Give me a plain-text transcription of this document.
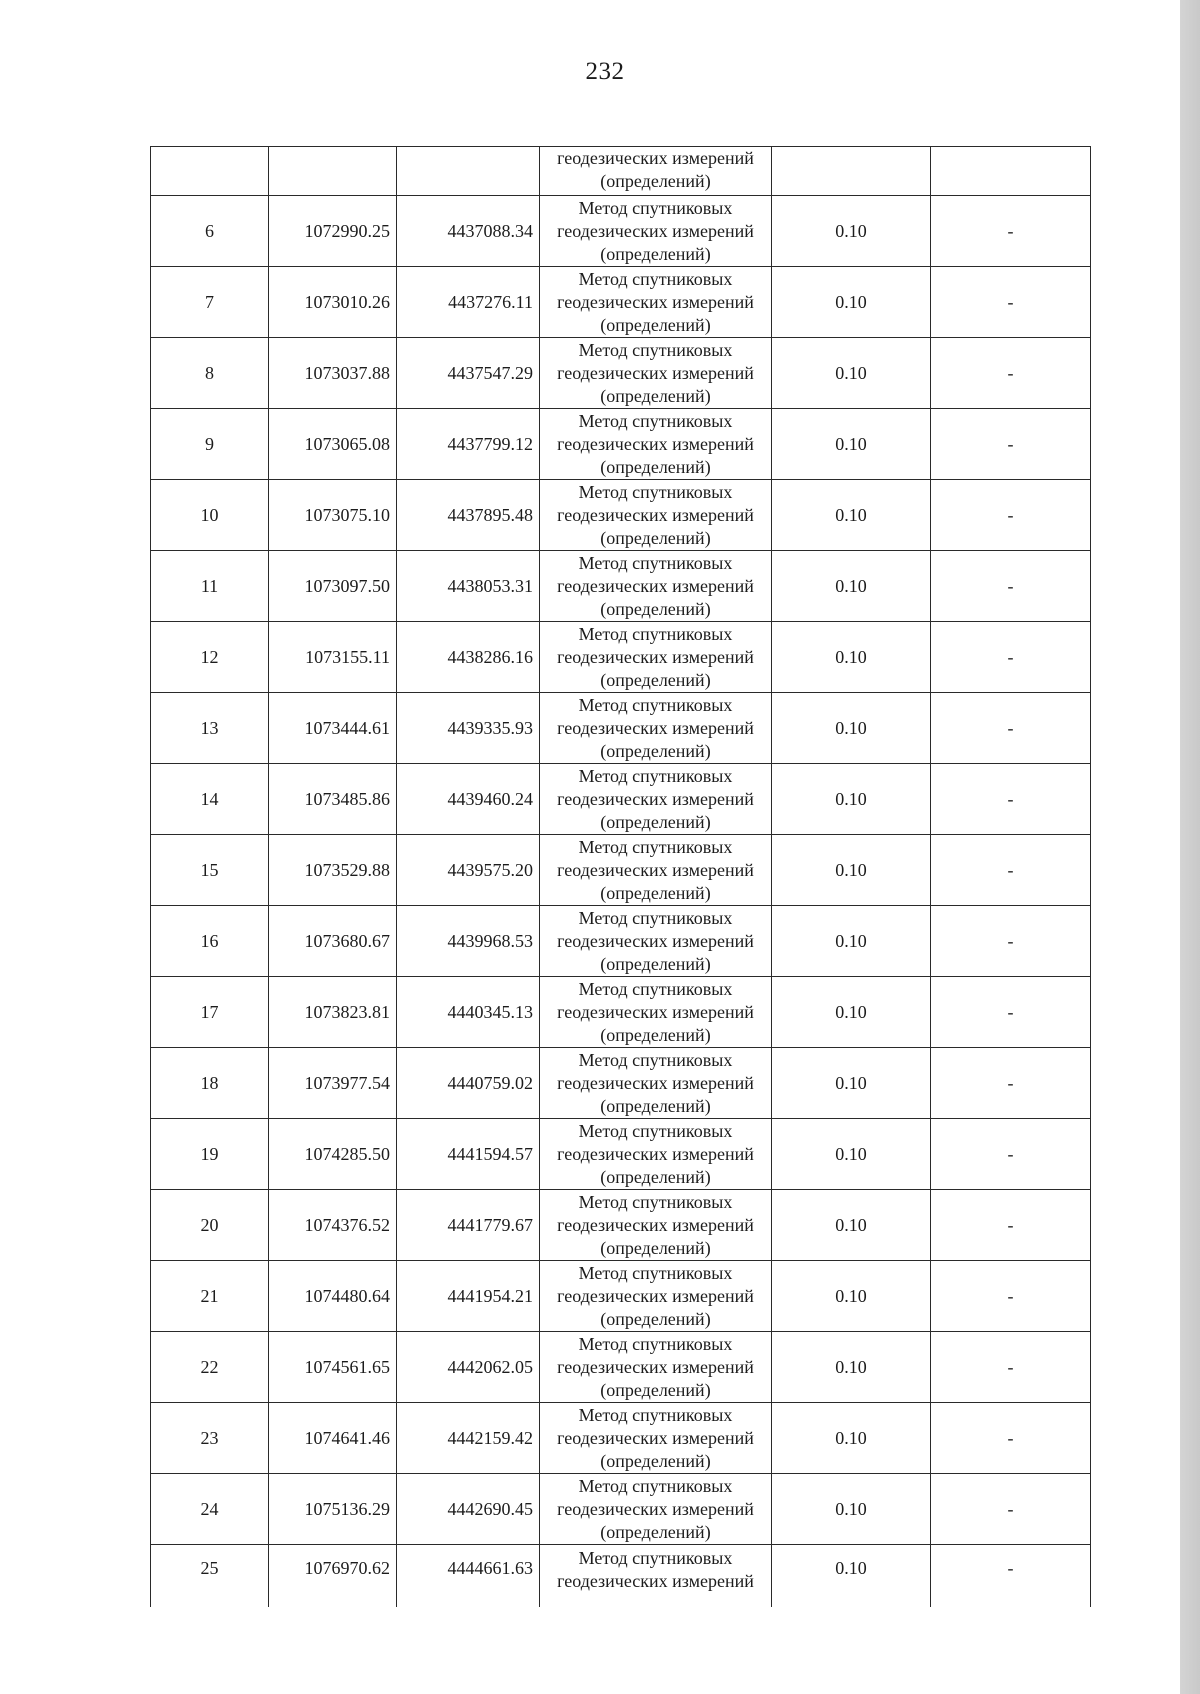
232

			геодезических измерений
(определений)		

6	1072990.25	4437088.34	Метод спутниковых
геодезических измерений
(определений)	0.10	-
7	1073010.26	4437276.11	Метод спутниковых
геодезических измерений
(определений)	0.10	-
8	1073037.88	4437547.29	Метод спутниковых
геодезических измерений
(определений)	0.10	-
9	1073065.08	4437799.12	Метод спутниковых
геодезических измерений
(определений)	0.10	-
10	1073075.10	4437895.48	Метод спутниковых
геодезических измерений
(определений)	0.10	-
11	1073097.50	4438053.31	Метод спутниковых
геодезических измерений
(определений)	0.10	-
12	1073155.11	4438286.16	Метод спутниковых
геодезических измерений
(определений)	0.10	-
13	1073444.61	4439335.93	Метод спутниковых
геодезических измерений
(определений)	0.10	-
14	1073485.86	4439460.24	Метод спутниковых
геодезических измерений
(определений)	0.10	-
15	1073529.88	4439575.20	Метод спутниковых
геодезических измерений
(определений)	0.10	-
16	1073680.67	4439968.53	Метод спутниковых
геодезических измерений
(определений)	0.10	-
17	1073823.81	4440345.13	Метод спутниковых
геодезических измерений
(определений)	0.10	-
18	1073977.54	4440759.02	Метод спутниковых
геодезических измерений
(определений)	0.10	-
19	1074285.50	4441594.57	Метод спутниковых
геодезических измерений
(определений)	0.10	-
20	1074376.52	4441779.67	Метод спутниковых
геодезических измерений
(определений)	0.10	-
21	1074480.64	4441954.21	Метод спутниковых
геодезических измерений
(определений)	0.10	-
22	1074561.65	4442062.05	Метод спутниковых
геодезических измерений
(определений)	0.10	-
23	1074641.46	4442159.42	Метод спутниковых
геодезических измерений
(определений)	0.10	-
24	1075136.29	4442690.45	Метод спутниковых
геодезических измерений
(определений)	0.10	-
25	1076970.62	4444661.63	Метод спутниковых
геодезических измерений	0.10	-
